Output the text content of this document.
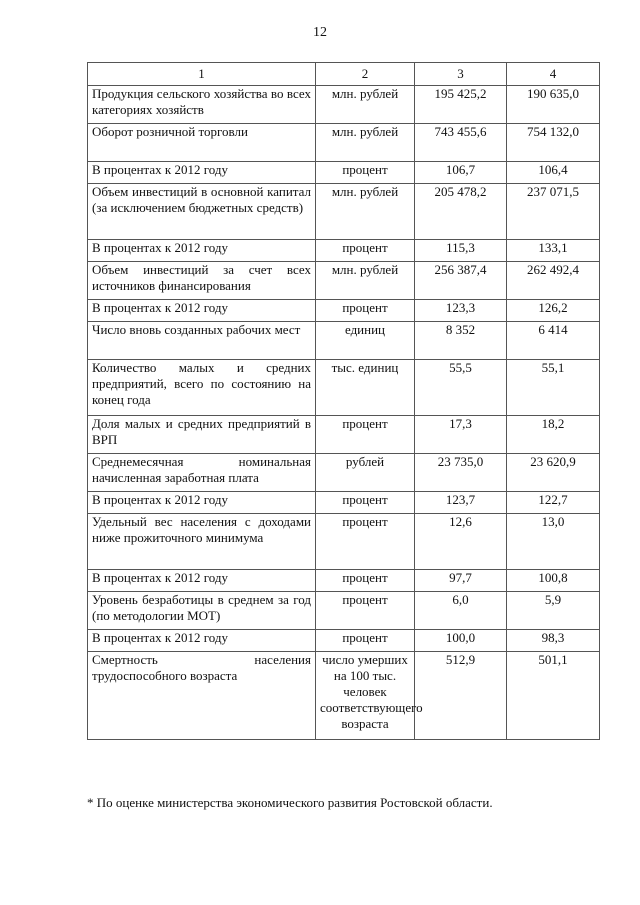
12
1	2	3	4
Продукция сельского хозяйства во всех категориях хозяйств	млн. рублей	195 425,2	190 635,0
Оборот розничной торговли	млн. рублей	743 455,6	754 132,0
В процентах к 2012 году	процент	106,7	106,4
Объем инвестиций в основной капитал (за исключением бюджетных средств)	млн. рублей	205 478,2	237 071,5
В процентах к 2012 году	процент	115,3	133,1
Объем инвестиций за счет всех источников финансирования	млн. рублей	256 387,4	262 492,4
В процентах к 2012 году	процент	123,3	126,2
Число вновь созданных рабочих мест	единиц	8 352	6 414
Количество малых и средних предприятий, всего по состоянию на конец года	тыс. единиц	55,5	55,1
Доля малых и средних предприятий в ВРП	процент	17,3	18,2
Среднемесячная номинальная начисленная заработная плата	рублей	23 735,0	23 620,9
В процентах к 2012 году	процент	123,7	122,7
Удельный вес населения с доходами ниже прожиточного минимума	процент	12,6	13,0
В процентах к 2012 году	процент	97,7	100,8
Уровень безработицы в среднем за год (по методологии МОТ)	процент	6,0	5,9
В процентах к 2012 году	процент	100,0	98,3
Смертность населения трудоспособного возраста	число умерших на 100 тыс. человек соответствующего возраста	512,9	501,1
* По оценке министерства экономического развития Ростовской области.
